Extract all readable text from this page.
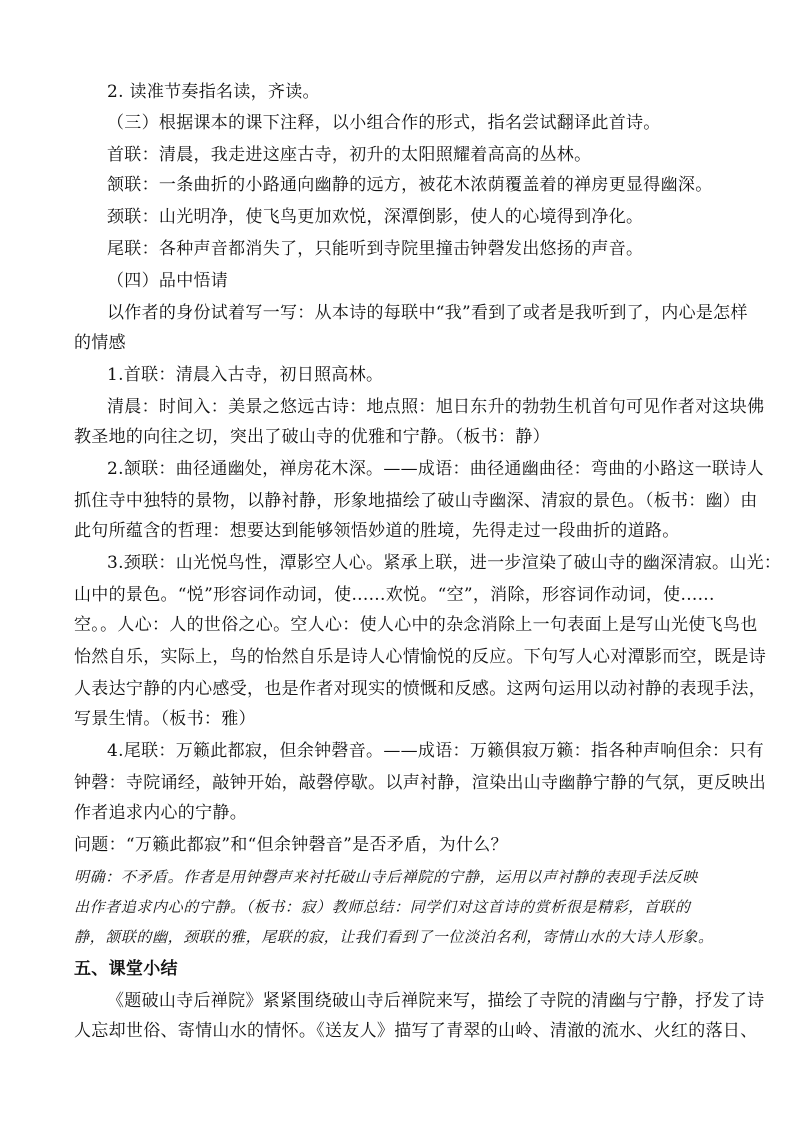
2. 读准节奏指名读，齐读。
（三）根据课本的课下注释，以小组合作的形式，指名尝试翻译此首诗。
首联：清晨，我走进这座古寺，初升的太阳照耀着高高的丛林。
颔联：一条曲折的小路通向幽静的远方，被花木浓荫覆盖着的禅房更显得幽深。
颈联：山光明净，使飞鸟更加欢悦，深潭倒影，使人的心境得到净化。
尾联：各种声音都消失了，只能听到寺院里撞击钟磬发出悠扬的声音。
（四）品中悟请
以作者的身份试着写一写：从本诗的每联中“我”看到了或者是我听到了，内心是怎样
的情感
1.首联：清晨入古寺，初日照高林。
清晨：时间入：美景之悠远古诗：地点照：旭日东升的勃勃生机首句可见作者对这块佛
教圣地的向往之切，突出了破山寺的优雅和宁静。（板书：静）
2.颔联：曲径通幽处，禅房花木深。——成语：曲径通幽曲径：弯曲的小路这一联诗人
抓住寺中独特的景物，以静衬静，形象地描绘了破山寺幽深、清寂的景色。（板书：幽）由
此句所蕴含的哲理：想要达到能够领悟妙道的胜境，先得走过一段曲折的道路。
3.颈联：山光悦鸟性，潭影空人心。紧承上联，进一步渲染了破山寺的幽深清寂。山光：
山中的景色。“悦”形容词作动词，使......欢悦。“空”，消除，形容词作动词，使......
空。。人心：人的世俗之心。空人心：使人心中的杂念消除上一句表面上是写山光使飞鸟也
怡然自乐，实际上，鸟的怡然自乐是诗人心情愉悦的反应。下句写人心对潭影而空，既是诗
人表达宁静的内心感受，也是作者对现实的愤慨和反感。这两句运用以动衬静的表现手法，
写景生情。（板书：雅）
4.尾联：万籁此都寂，但余钟磬音。——成语：万籁俱寂万籁：指各种声响但余：只有
钟磬：寺院诵经，敲钟开始，敲磬停歇。以声衬静，渲染出山寺幽静宁静的气氛，更反映出
作者追求内心的宁静。
问题：“万籁此都寂”和“但余钟磬音”是否矛盾，为什么？
明确：不矛盾。作者是用钟磬声来衬托破山寺后禅院的宁静，运用以声衬静的表现手法反映
出作者追求内心的宁静。（板书：寂）教师总结：同学们对这首诗的赏析很是精彩，首联的
静，颔联的幽，颈联的雅，尾联的寂，让我们看到了一位淡泊名利，寄情山水的大诗人形象。
五、课堂小结
《题破山寺后禅院》紧紧围绕破山寺后禅院来写，描绘了寺院的清幽与宁静，抒发了诗
人忘却世俗、寄情山水的情怀。《送友人》描写了青翠的山岭、清澈的流水、火红的落日、
